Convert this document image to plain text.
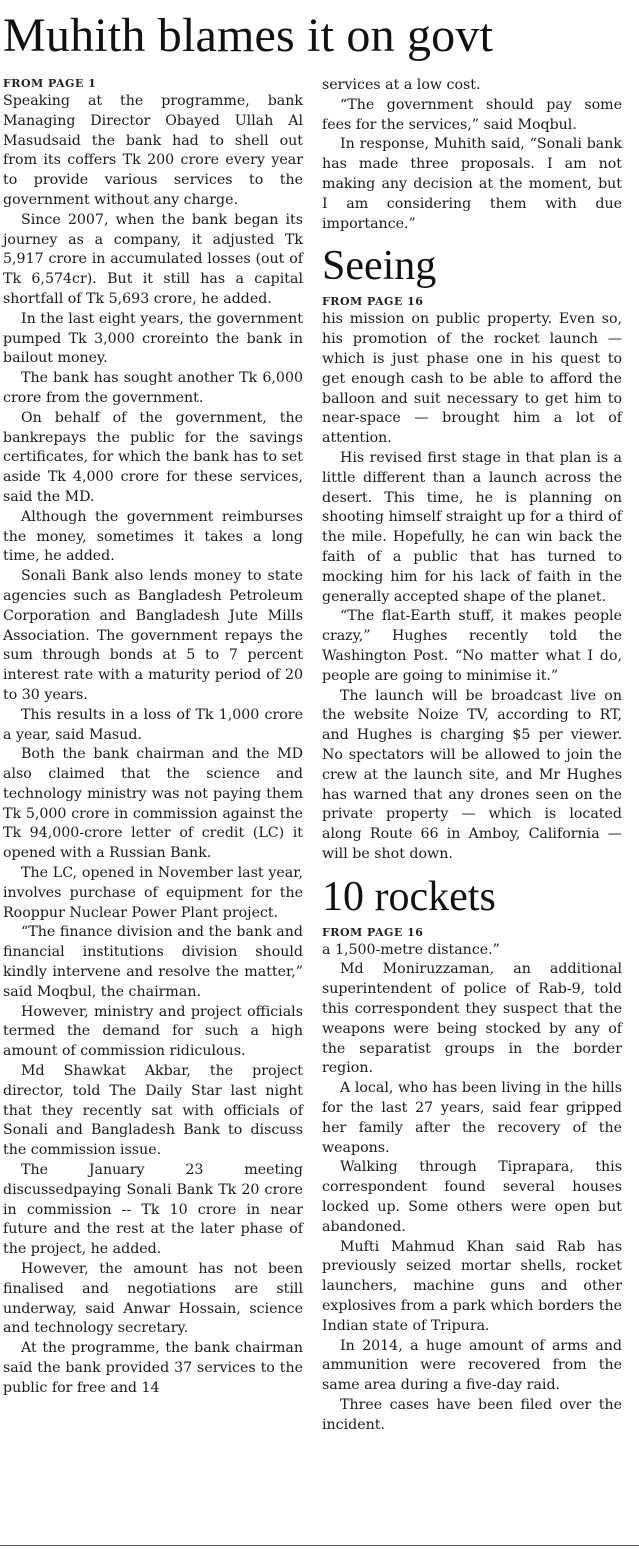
Muhith blames it on govt

FROM PAGE 1

Speaking at the programme, bank Managing Director Obayed Ullah Al Masudsaid the bank had to shell out from its coffers Tk 200 crore every year to provide various services to the government without any charge.

Since 2007, when the bank began its journey as a company, it adjusted Tk 5,917 crore in accumulated losses (out of Tk 6,574cr). But it still has a capital shortfall of Tk 5,693 crore, he added.

In the last eight years, the government pumped Tk 3,000 croreinto the bank in bailout money.

The bank has sought another Tk 6,000 crore from the government.

On behalf of the government, the bankrepays the public for the savings certificates, for which the bank has to set aside Tk 4,000 crore for these services, said the MD.

Although the government reimburses the money, sometimes it takes a long time, he added.

Sonali Bank also lends money to state agencies such as Bangladesh Petroleum Corporation and Bangladesh Jute Mills Association. The government repays the sum through bonds at 5 to 7 percent interest rate with a maturity period of 20 to 30 years.

This results in a loss of Tk 1,000 crore a year, said Masud.

Both the bank chairman and the MD also claimed that the science and technology ministry was not paying them Tk 5,000 crore in commission against the Tk 94,000-crore letter of credit (LC) it opened with a Russian Bank.

The LC, opened in November last year, involves purchase of equipment for the Rooppur Nuclear Power Plant project.

“The finance division and the bank and financial institutions division should kindly intervene and resolve the matter,” said Moqbul, the chairman.

However, ministry and project officials termed the demand for such a high amount of commission ridiculous.

Md Shawkat Akbar, the project director, told The Daily Star last night that they recently sat with officials of Sonali and Bangladesh Bank to discuss the commission issue.

The January 23 meeting discussedpaying Sonali Bank Tk 20 crore in commission -- Tk 10 crore in near future and the rest at the later phase of the project, he added.

However, the amount has not been finalised and negotiations are still underway, said Anwar Hossain, science and technology secretary.

At the programme, the bank chairman said the bank provided 37 services to the public for free and 14

services at a low cost.

“The government should pay some fees for the services,” said Moqbul.

In response, Muhith said, “Sonali bank has made three proposals. I am not making any decision at the moment, but I am considering them with due importance.”

Seeing

FROM PAGE 16

his mission on public property. Even so, his promotion of the rocket launch — which is just phase one in his quest to get enough cash to be able to afford the balloon and suit necessary to get him to near-space — brought him a lot of attention.

His revised first stage in that plan is a little different than a launch across the desert. This time, he is planning on shooting himself straight up for a third of the mile. Hopefully, he can win back the faith of a public that has turned to mocking him for his lack of faith in the generally accepted shape of the planet.

“The flat-Earth stuff, it makes people crazy,” Hughes recently told the Washington Post. “No matter what I do, people are going to minimise it.”

The launch will be broadcast live on the website Noize TV, according to RT, and Hughes is charging $5 per viewer. No spectators will be allowed to join the crew at the launch site, and Mr Hughes has warned that any drones seen on the private property — which is located along Route 66 in Amboy, California — will be shot down.

10 rockets

FROM PAGE 16

a 1,500-metre distance.”

Md Moniruzzaman, an additional superintendent of police of Rab-9, told this correspondent they suspect that the weapons were being stocked by any of the separatist groups in the border region.

A local, who has been living in the hills for the last 27 years, said fear gripped her family after the recovery of the weapons.

Walking through Tiprapara, this correspondent found several houses locked up. Some others were open but abandoned.

Mufti Mahmud Khan said Rab has previously seized mortar shells, rocket launchers, machine guns and other explosives from a park which borders the Indian state of Tripura.

In 2014, a huge amount of arms and ammunition were recovered from the same area during a five-day raid.

Three cases have been filed over the incident.
